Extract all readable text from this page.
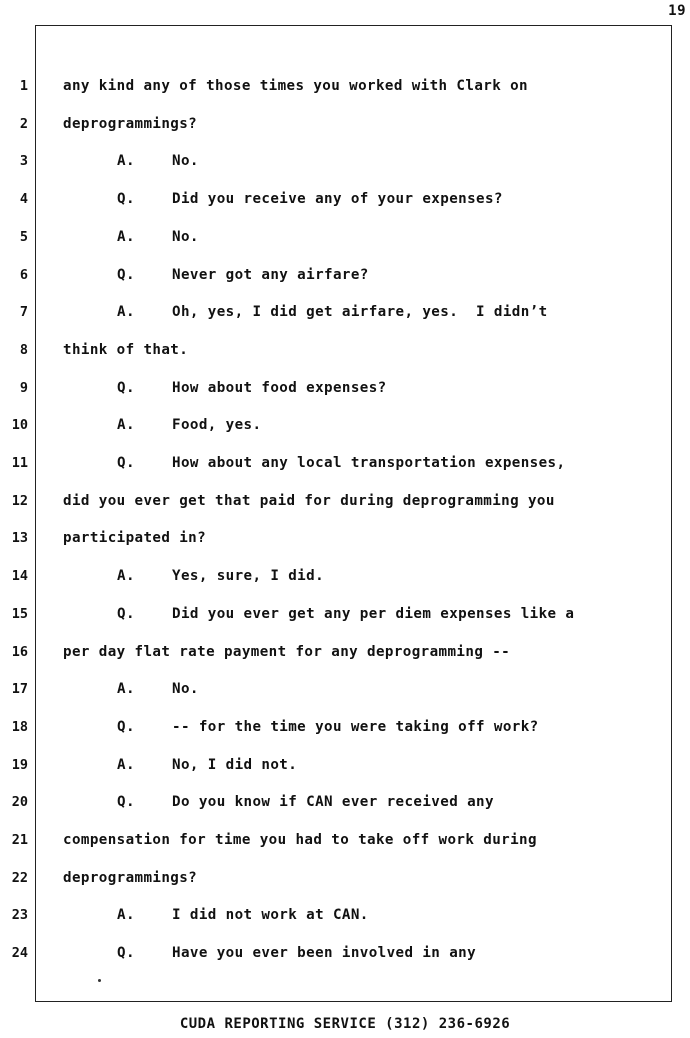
19
1 any kind any of those times you worked with Clark on
2 deprogrammings?
3	A.	No.
4	Q.	Did you receive any of your expenses?
5	A.	No.
6	Q.	Never got any airfare?
7	A.	Oh, yes, I did get airfare, yes.  I didn’t
8 think of that.
9	Q.	How about food expenses?
10	A.	Food, yes.
11	Q.	How about any local transportation expenses,
12 did you ever get that paid for during deprogramming you
13 participated in?
14	A.	Yes, sure, I did.
15	Q.	Did you ever get any per diem expenses like a
16 per day flat rate payment for any deprogramming --
17	A.	No.
18	Q.	-- for the time you were taking off work?
19	A.	No, I did not.
20	Q.	Do you know if CAN ever received any
21 compensation for time you had to take off work during
22 deprogrammings?
23	A.	I did not work at CAN.
24	Q.	Have you ever been involved in any
CUDA REPORTING SERVICE (312) 236-6926
